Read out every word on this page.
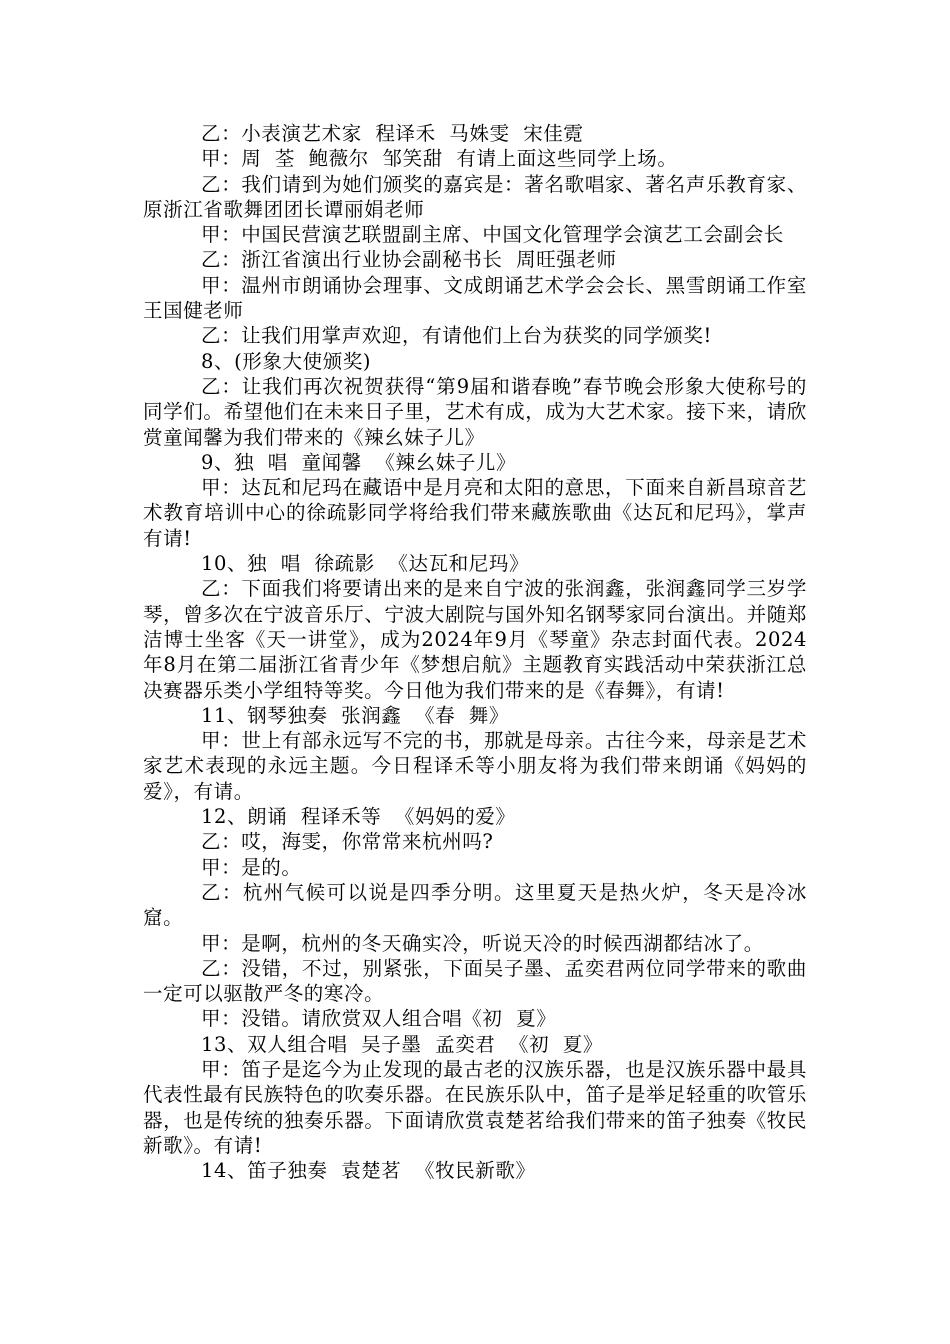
乙：小表演艺术家  程译禾  马姝雯  宋佳霓

甲：周  荃  鲍薇尔  邹笑甜  有请上面这些同学上场。

乙：我们请到为她们颁奖的嘉宾是：著名歌唱家、著名声乐教育家、原浙江省歌舞团团长谭丽娟老师

甲：中国民营演艺联盟副主席、中国文化管理学会演艺工会副会长

乙：浙江省演出行业协会副秘书长  周旺强老师

甲：温州市朗诵协会理事、文成朗诵艺术学会会长、黑雪朗诵工作室  王国健老师

乙：让我们用掌声欢迎，有请他们上台为获奖的同学颁奖!

8、(形象大使颁奖)

乙：让我们再次祝贺获得“第9届和谐春晚”春节晚会形象大使称号的同学们。希望他们在未来日子里，艺术有成，成为大艺术家。接下来，请欣赏童闻馨为我们带来的《辣幺妹子儿》

9、独  唱  童闻馨  《辣幺妹子儿》

甲：达瓦和尼玛在藏语中是月亮和太阳的意思，下面来自新昌琼音艺术教育培训中心的徐疏影同学将给我们带来藏族歌曲《达瓦和尼玛》，掌声有请!

10、独  唱  徐疏影  《达瓦和尼玛》

乙：下面我们将要请出来的是来自宁波的张润鑫，张润鑫同学三岁学琴，曾多次在宁波音乐厅、宁波大剧院与国外知名钢琴家同台演出。并随郑洁博士坐客《天一讲堂》，成为2024年9月《琴童》杂志封面代表。2024年8月在第二届浙江省青少年《梦想启航》主题教育实践活动中荣获浙江总决赛器乐类小学组特等奖。今日他为我们带来的是《春舞》，有请!

11、钢琴独奏  张润鑫  《春  舞》

甲：世上有部永远写不完的书，那就是母亲。古往今来，母亲是艺术家艺术表现的永远主题。今日程译禾等小朋友将为我们带来朗诵《妈妈的爱》，有请。

12、朗诵  程译禾等  《妈妈的爱》

乙：哎，海雯，你常常来杭州吗?

甲：是的。

乙：杭州气候可以说是四季分明。这里夏天是热火炉，冬天是冷冰窟。

甲：是啊，杭州的冬天确实冷，听说天冷的时候西湖都结冰了。

乙：没错，不过，别紧张，下面吴子墨、孟奕君两位同学带来的歌曲一定可以驱散严冬的寒冷。

甲：没错。请欣赏双人组合唱《初  夏》

13、双人组合唱  吴子墨  孟奕君  《初  夏》

甲：笛子是迄今为止发现的最古老的汉族乐器，也是汉族乐器中最具代表性最有民族特色的吹奏乐器。在民族乐队中，笛子是举足轻重的吹管乐器，也是传统的独奏乐器。下面请欣赏袁楚茗给我们带来的笛子独奏《牧民新歌》。有请!

14、笛子独奏  袁楚茗  《牧民新歌》
